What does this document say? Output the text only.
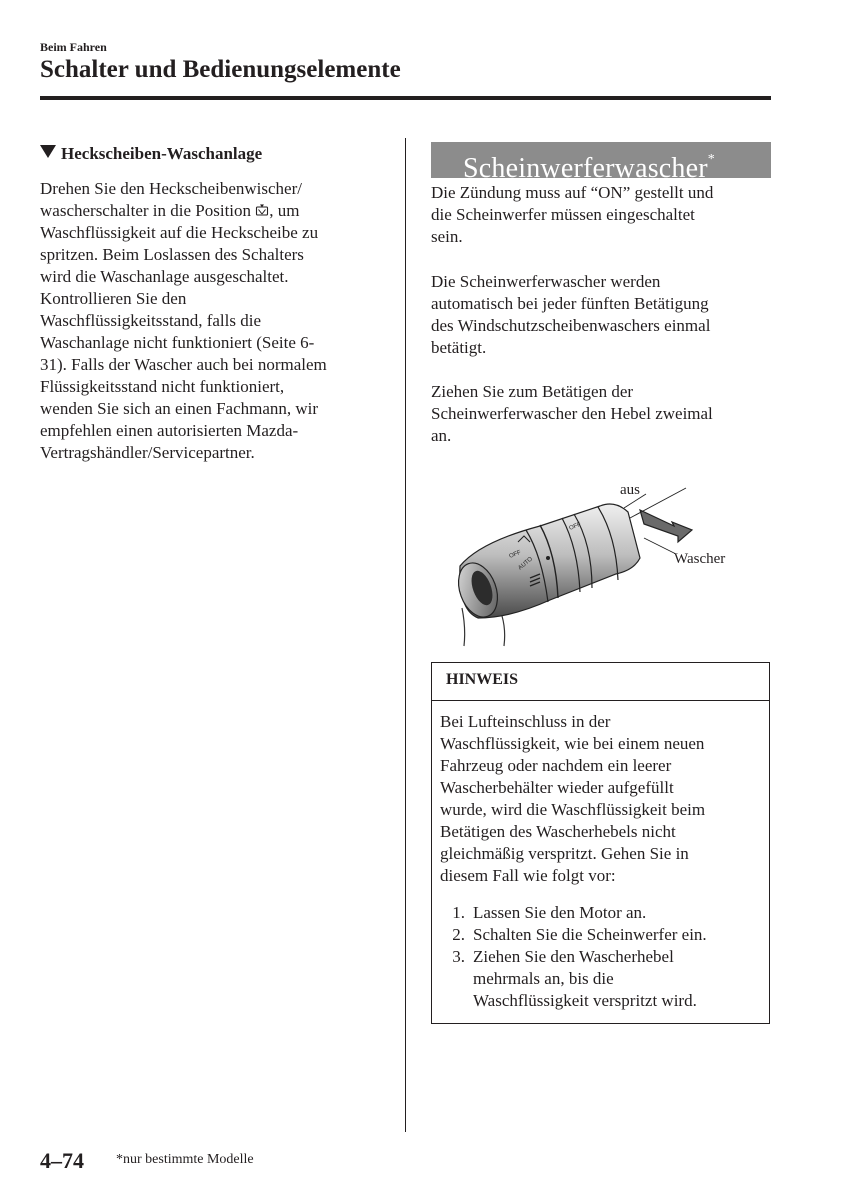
Beim Fahren
Schalter und Bedienungselemente
Heckscheiben-Waschanlage

Drehen Sie den Heckscheibenwischer/
wascherschalter in die Position , um
Waschflüssigkeit auf die Heckscheibe zu
spritzen. Beim Loslassen des Schalters
wird die Waschanlage ausgeschaltet.
Kontrollieren Sie den
Waschflüssigkeitsstand, falls die
Waschanlage nicht funktioniert (Seite 6-
31). Falls der Wascher auch bei normalem
Flüssigkeitsstand nicht funktioniert,
wenden Sie sich an einen Fachmann, wir
empfehlen einen autorisierten Mazda-
Vertragshändler/Servicepartner.

Scheinwerferwascher*

Die Zündung muss auf “ON” gestellt und
die Scheinwerfer müssen eingeschaltet
sein.

Die Scheinwerferwascher werden
automatisch bei jeder fünften Betätigung
des Windschutzscheibenwaschers einmal
betätigt.

Ziehen Sie zum Betätigen der
Scheinwerferwascher den Hebel zweimal
an.

OFF
AUTO
OFF
aus
Wascher
HINWEIS

Bei Lufteinschluss in der
Waschflüssigkeit, wie bei einem neuen
Fahrzeug oder nachdem ein leerer
Wascherbehälter wieder aufgefüllt
wurde, wird die Waschflüssigkeit beim
Betätigen des Wascherhebels nicht
gleichmäßig verspritzt. Gehen Sie in
diesem Fall wie folgt vor:

1. Lassen Sie den Motor an.
2. Schalten Sie die Scheinwerfer ein.
3. Ziehen Sie den Wascherhebel
mehrmals an, bis die
Waschflüssigkeit verspritzt wird.
4–74 *nur bestimmte Modelle
